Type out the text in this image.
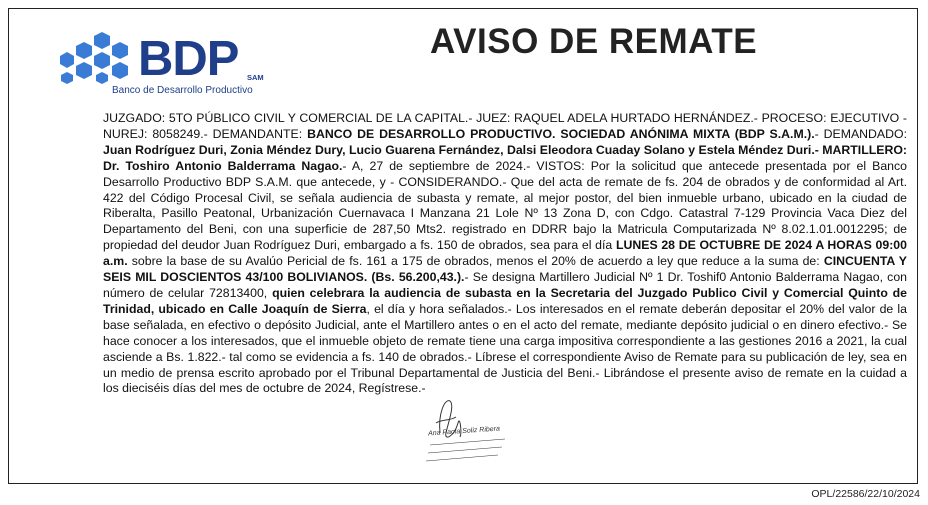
BDP SAM
Banco de Desarrollo Productivo
AVISO DE REMATE
JUZGADO: 5TO PÚBLICO CIVIL Y COMERCIAL DE LA CAPITAL.- JUEZ: RAQUEL ADELA HURTADO HERNÁNDEZ.- PROCESO: EJECUTIVO - NUREJ: 8058249.- DEMANDANTE: BANCO DE DESARROLLO PRODUCTIVO. SOCIEDAD ANÓNIMA MIXTA (BDP S.A.M.).- DEMANDADO: Juan Rodríguez Duri, Zonia Méndez Dury, Lucio Guarena Fernández, Dalsi Eleodora Cuaday Solano y Estela Méndez Duri.- MARTILLERO: Dr. Toshiro Antonio Balderrama Nagao.- A, 27 de septiembre de 2024.- VISTOS: Por la solicitud que antecede presentada por el Banco Desarrollo Productivo BDP S.A.M. que antecede, y - CONSIDERANDO.- Que del acta de remate de fs. 204 de obrados y de conformidad al Art. 422 del Código Procesal Civil, se señala audiencia de subasta y remate, al mejor postor, del bien inmueble urbano, ubicado en la ciudad de Riberalta, Pasillo Peatonal, Urbanización Cuernavaca I Manzana 21 Lole Nº 13 Zona D, con Cdgo. Catastral 7-129 Provincia Vaca Diez del Departamento del Beni, con una superficie de 287,50 Mts2. registrado en DDRR bajo la Matricula Computarizada Nº 8.02.1.01.0012295; de propiedad del deudor Juan Rodríguez Duri, embargado a fs. 150 de obrados, sea para el día LUNES 28 DE OCTUBRE DE 2024 A HORAS 09:00 a.m. sobre la base de su Avalúo Pericial de fs. 161 a 175 de obrados, menos el 20% de acuerdo a ley que reduce a la suma de: CINCUENTA Y SEIS MIL DOSCIENTOS 43/100 BOLIVIANOS. (Bs. 56.200,43.).- Se designa Martillero Judicial Nº 1 Dr. Toshif0 Antonio Balderrama Nagao, con número de celular 72813400, quien celebrara la audiencia de subasta en la Secretaria del Juzgado Publico Civil y Comercial Quinto de Trinidad, ubicado en Calle Joaquín de Sierra, el día y hora señalados.- Los interesados en el remate deberán depositar el 20% del valor de la base señalada, en efectivo o depósito Judicial, ante el Martillero antes o en el acto del remate, mediante depósito judicial o en dinero efectivo.- Se hace conocer a los interesados, que el inmueble objeto de remate tiene una carga impositiva correspondiente a las gestiones 2016 a 2021, la cual asciende a Bs. 1.822.- tal como se evidencia a fs. 140 de obrados.- Líbrese el correspondiente Aviso de Remate para su publicación de ley, sea en un medio de prensa escrito aprobado por el Tribunal Departamental de Justicia del Beni.- Librándose el presente aviso de remate en la cuidad a los dieciséis días del mes de octubre de 2024, Regístrese.-
Ana Paola Soliz Ribera
OPL/22586/22/10/2024
